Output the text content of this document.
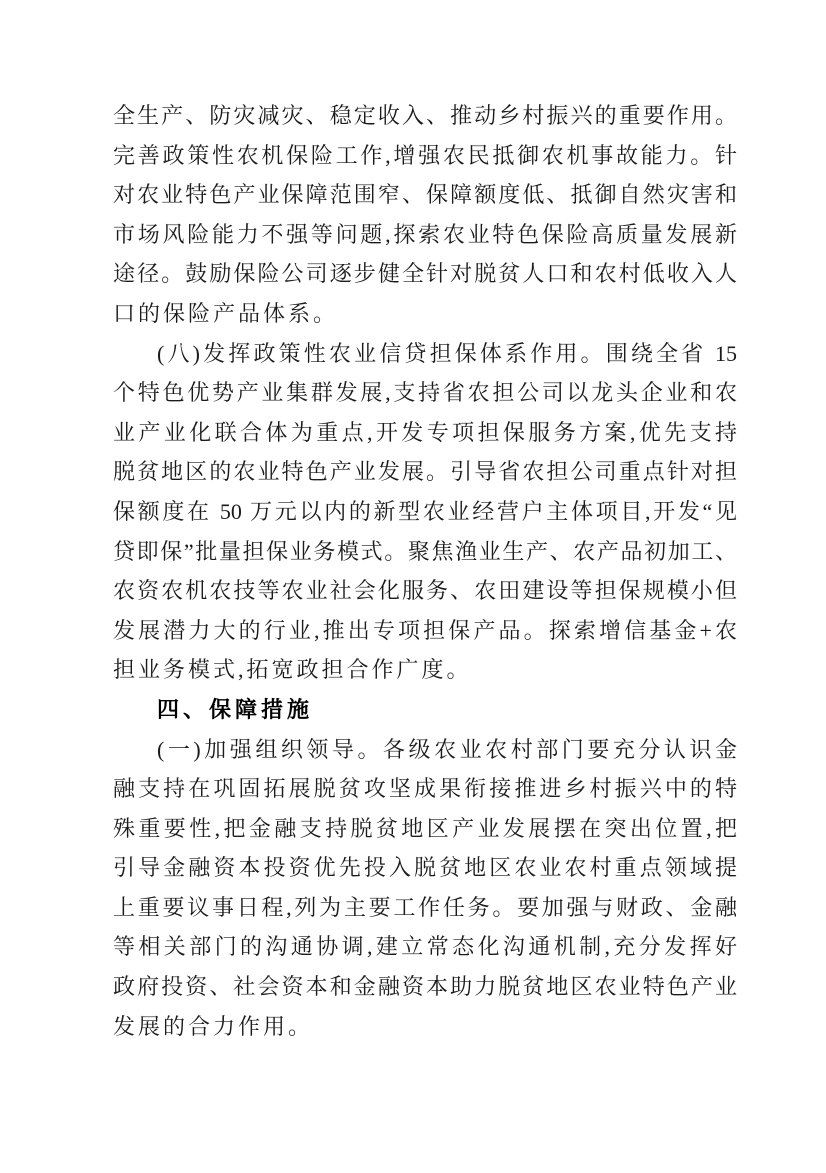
全生产、防灾减灾、稳定收入、推动乡村振兴的重要作用。
完善政策性农机保险工作,增强农民抵御农机事故能力。针
对农业特色产业保障范围窄、保障额度低、抵御自然灾害和
市场风险能力不强等问题,探索农业特色保险高质量发展新
途径。鼓励保险公司逐步健全针对脱贫人口和农村低收入人
口的保险产品体系。
(八)发挥政策性农业信贷担保体系作用。围绕全省 15
个特色优势产业集群发展,支持省农担公司以龙头企业和农
业产业化联合体为重点,开发专项担保服务方案,优先支持
脱贫地区的农业特色产业发展。引导省农担公司重点针对担
保额度在 50 万元以内的新型农业经营户主体项目,开发“见
贷即保”批量担保业务模式。聚焦渔业生产、农产品初加工、
农资农机农技等农业社会化服务、农田建设等担保规模小但
发展潜力大的行业,推出专项担保产品。探索增信基金+农
担业务模式,拓宽政担合作广度。
四、保障措施
(一)加强组织领导。各级农业农村部门要充分认识金
融支持在巩固拓展脱贫攻坚成果衔接推进乡村振兴中的特
殊重要性,把金融支持脱贫地区产业发展摆在突出位置,把
引导金融资本投资优先投入脱贫地区农业农村重点领域提
上重要议事日程,列为主要工作任务。要加强与财政、金融
等相关部门的沟通协调,建立常态化沟通机制,充分发挥好
政府投资、社会资本和金融资本助力脱贫地区农业特色产业
发展的合力作用。
